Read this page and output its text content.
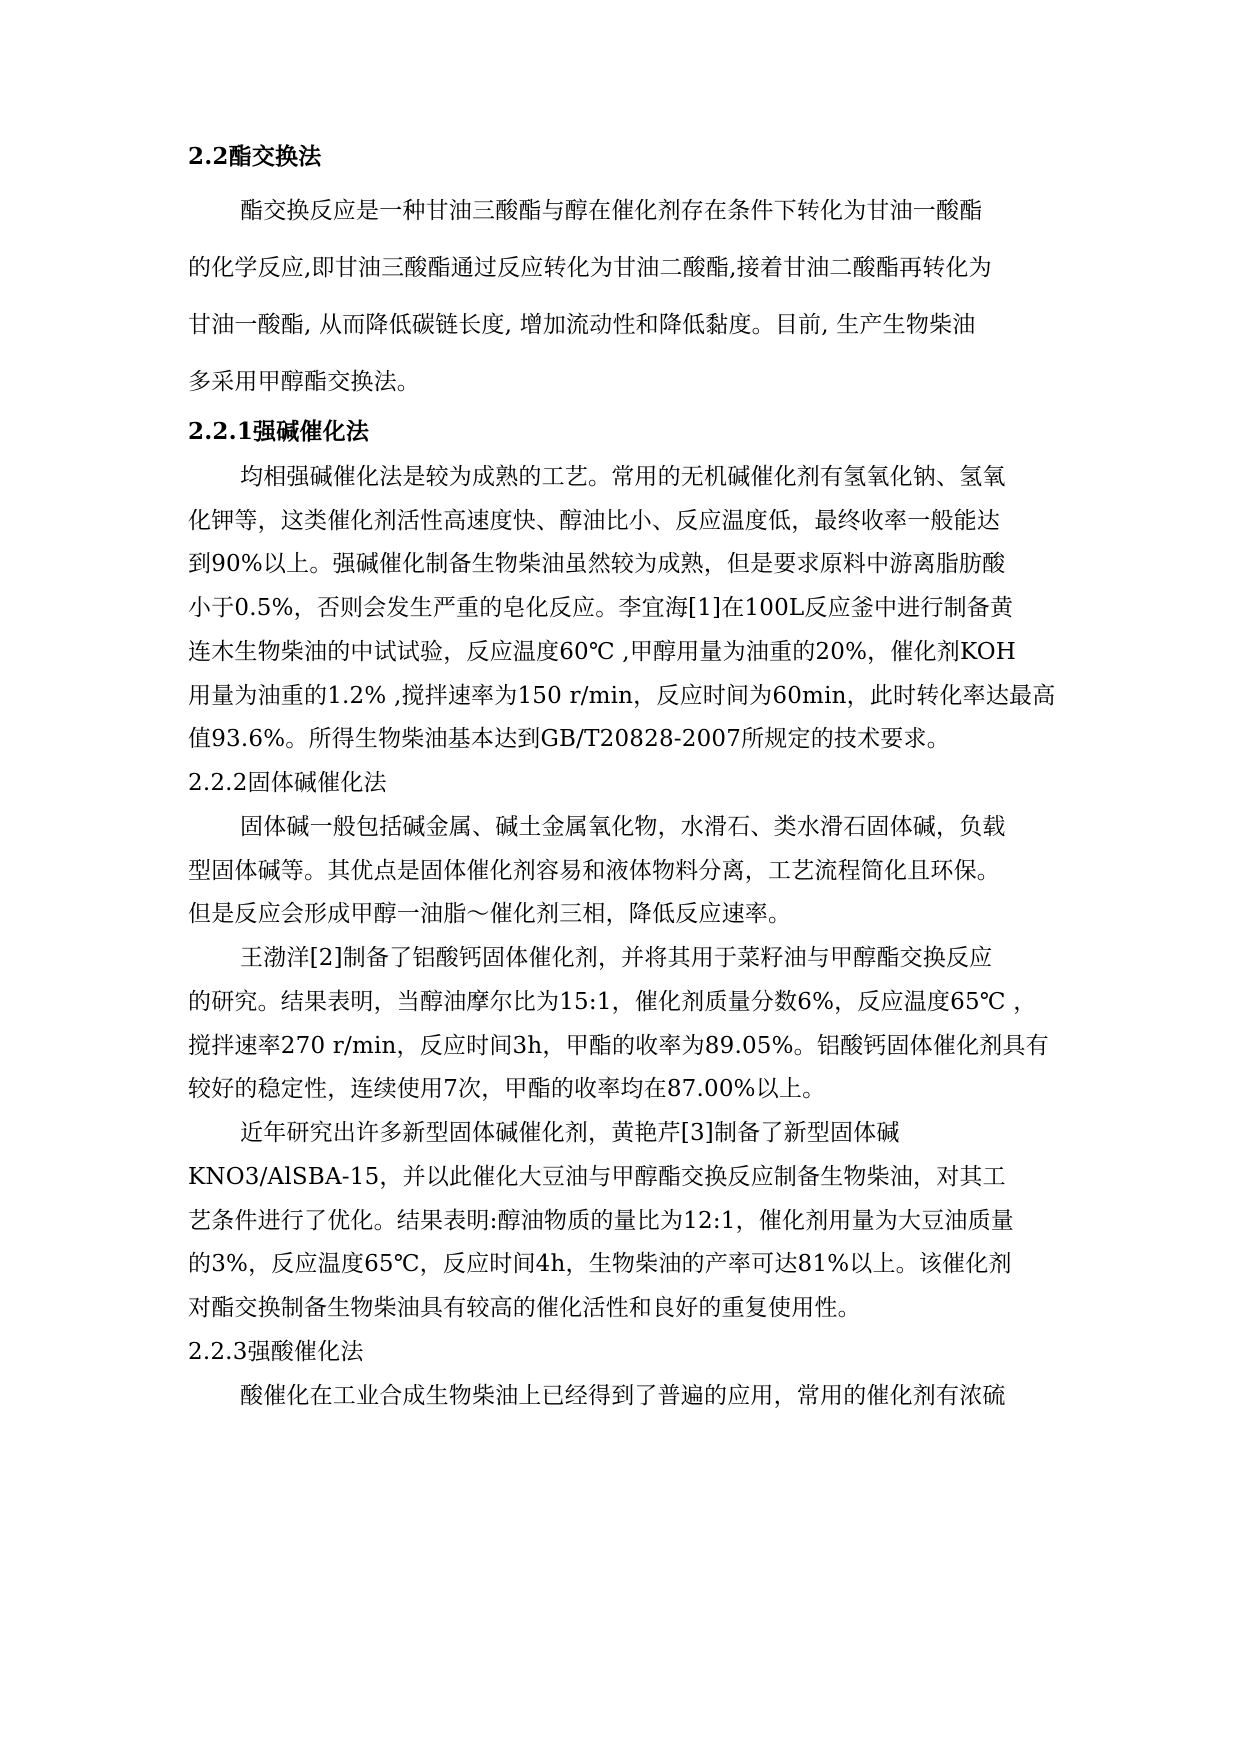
2.2酯交换法
酯交换反应是一种甘油三酸酯与醇在催化剂存在条件下转化为甘油一酸酯
的化学反应,即甘油三酸酯通过反应转化为甘油二酸酯,接着甘油二酸酯再转化为
甘油一酸酯, 从而降低碳链长度, 增加流动性和降低黏度。目前, 生产生物柴油
多采用甲醇酯交换法。
2.2.1强碱催化法
均相强碱催化法是较为成熟的工艺。常用的无机碱催化剂有氢氧化钠、氢氧
化钾等，这类催化剂活性高速度快、醇油比小、反应温度低，最终收率一般能达
到90%以上。强碱催化制备生物柴油虽然较为成熟，但是要求原料中游离脂肪酸
小于0.5%，否则会发生严重的皂化反应。李宜海[1]在100L反应釜中进行制备黄
连木生物柴油的中试试验，反应温度60℃ ,甲醇用量为油重的20%，催化剂KOH
用量为油重的1.2% ,搅拌速率为150 r/min，反应时间为60min，此时转化率达最高
值93.6%。所得生物柴油基本达到GB/T20828-2007所规定的技术要求。
2.2.2固体碱催化法
固体碱一般包括碱金属、碱土金属氧化物，水滑石、类水滑石固体碱，负载
型固体碱等。其优点是固体催化剂容易和液体物料分离，工艺流程简化且环保。
但是反应会形成甲醇一油脂～催化剂三相，降低反应速率。
王渤洋[2]制备了铝酸钙固体催化剂，并将其用于菜籽油与甲醇酯交换反应
的研究。结果表明，当醇油摩尔比为15:1，催化剂质量分数6%，反应温度65℃ ，
搅拌速率270 r/min，反应时间3h，甲酯的收率为89.05%。铝酸钙固体催化剂具有
较好的稳定性，连续使用7次，甲酯的收率均在87.00%以上。
近年研究出许多新型固体碱催化剂，黄艳芹[3]制备了新型固体碱
KNO3/AlSBA-15，并以此催化大豆油与甲醇酯交换反应制备生物柴油，对其工
艺条件进行了优化。结果表明:醇油物质的量比为12:1，催化剂用量为大豆油质量
的3%，反应温度65℃，反应时间4h，生物柴油的产率可达81%以上。该催化剂
对酯交换制备生物柴油具有较高的催化活性和良好的重复使用性。
2.2.3强酸催化法
酸催化在工业合成生物柴油上已经得到了普遍的应用，常用的催化剂有浓硫
